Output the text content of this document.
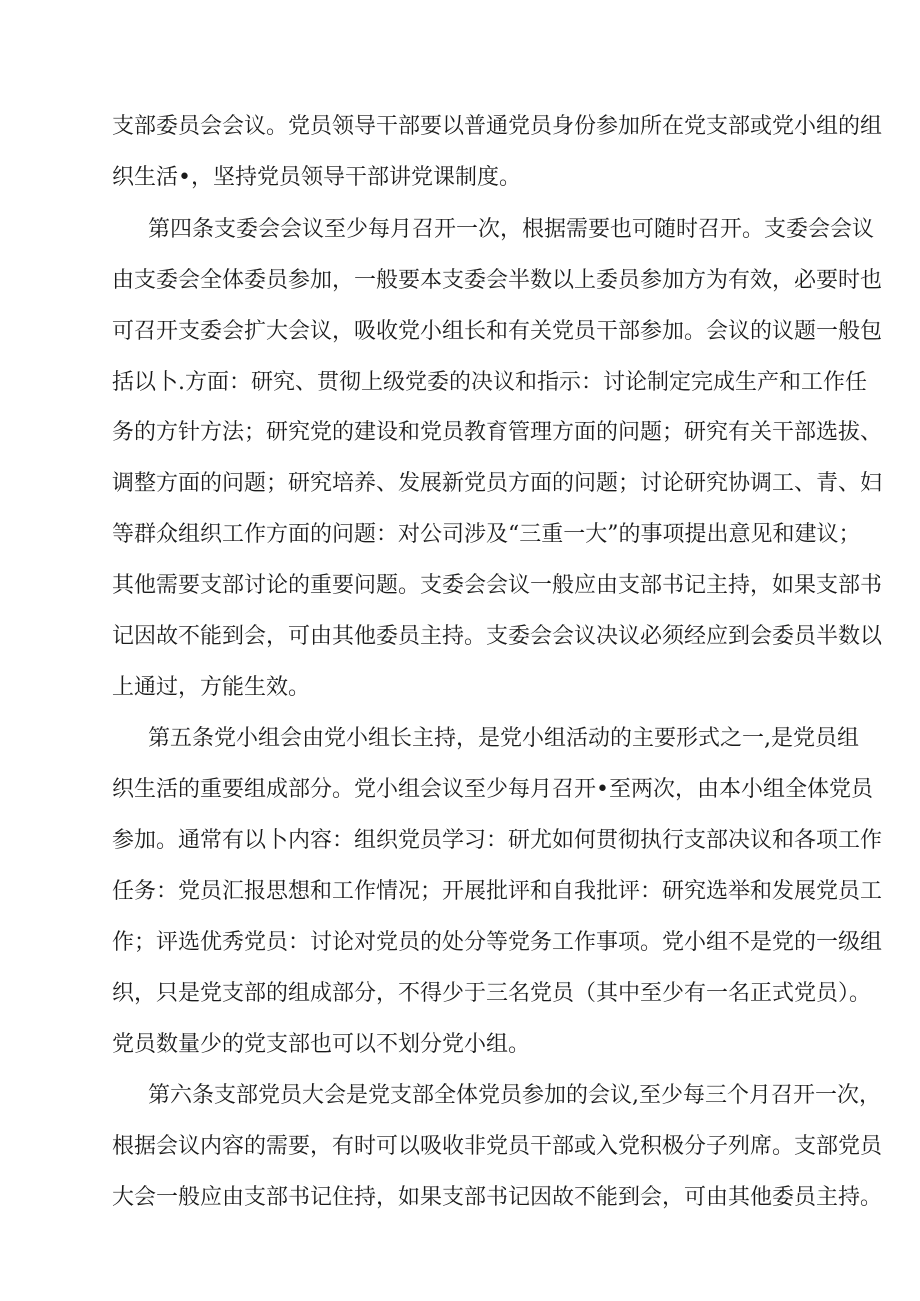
支部委员会会议。党员领导干部要以普通党员身份参加所在党支部或党小组的组

织生活•，坚持党员领导干部讲党课制度。

第四条支委会会议至少每月召开一次，根据需要也可随时召开。支委会会议

由支委会全体委员参加，一般要本支委会半数以上委员参加方为有效，必要时也

可召开支委会扩大会议，吸收党小组长和有关党员干部参加。会议的议题一般包

括以卜.方面：研究、贯彻上级党委的决议和指示：讨论制定完成生产和工作任

务的方针方法；研究党的建设和党员教育管理方面的问题；研究有关干部选拔、

调整方面的问题；研究培养、发展新党员方面的问题；讨论研究协调工、青、妇

等群众组织工作方面的问题：对公司涉及“三重一大”的事项提出意见和建议；

其他需要支部讨论的重要问题。支委会会议一般应由支部书记主持，如果支部书

记因故不能到会，可由其他委员主持。支委会会议决议必须经应到会委员半数以

上通过，方能生效。

第五条党小组会由党小组长主持，是党小组活动的主要形式之一,是党员组

织生活的重要组成部分。党小组会议至少每月召开•至两次，由本小组全体党员

参加。通常有以卜内容：组织党员学习：研尤如何贯彻执行支部决议和各项工作

任务：党员汇报思想和工作情况；开展批评和自我批评：研究选举和发展党员工

作；评选优秀党员：讨论对党员的处分等党务工作事项。党小组不是党的一级组

织，只是党支部的组成部分，不得少于三名党员（其中至少有一名正式党员）。

党员数量少的党支部也可以不划分党小组。

第六条支部党员大会是党支部全体党员参加的会议,至少每三个月召开一次，

根据会议内容的需要，有时可以吸收非党员干部或入党积极分子列席。支部党员

大会一般应由支部书记住持，如果支部书记因故不能到会，可由其他委员主持。
